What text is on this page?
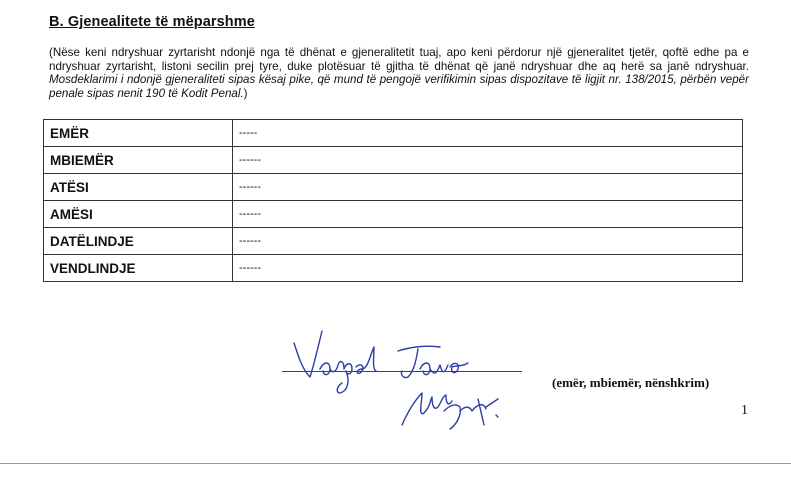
B. Gjenealitete të mëparshme
(Nëse keni ndryshuar zyrtarisht ndonjë nga të dhënat e gjeneralitetit tuaj, apo keni përdorur një gjeneralitet tjetër, qoftë edhe pa e ndryshuar zyrtarisht, listoni secilin prej tyre, duke plotësuar të gjitha të dhënat që janë ndryshuar dhe aq herë sa janë ndryshuar. Mosdeklarimi i ndonjë gjeneraliteti sipas kësaj pike, që mund të pengojë verifikimin sipas dispozitave të ligjit nr. 138/2015, përbën vepër penale sipas nenit 190 të Kodit Penal.)
EMËR	-----
MBIEMËR	------
ATËSI	------
AMËSI	------
DATËLINDJE	------
VENDLINDJE	------
(emër, mbiemër, nënshkrim)
1
